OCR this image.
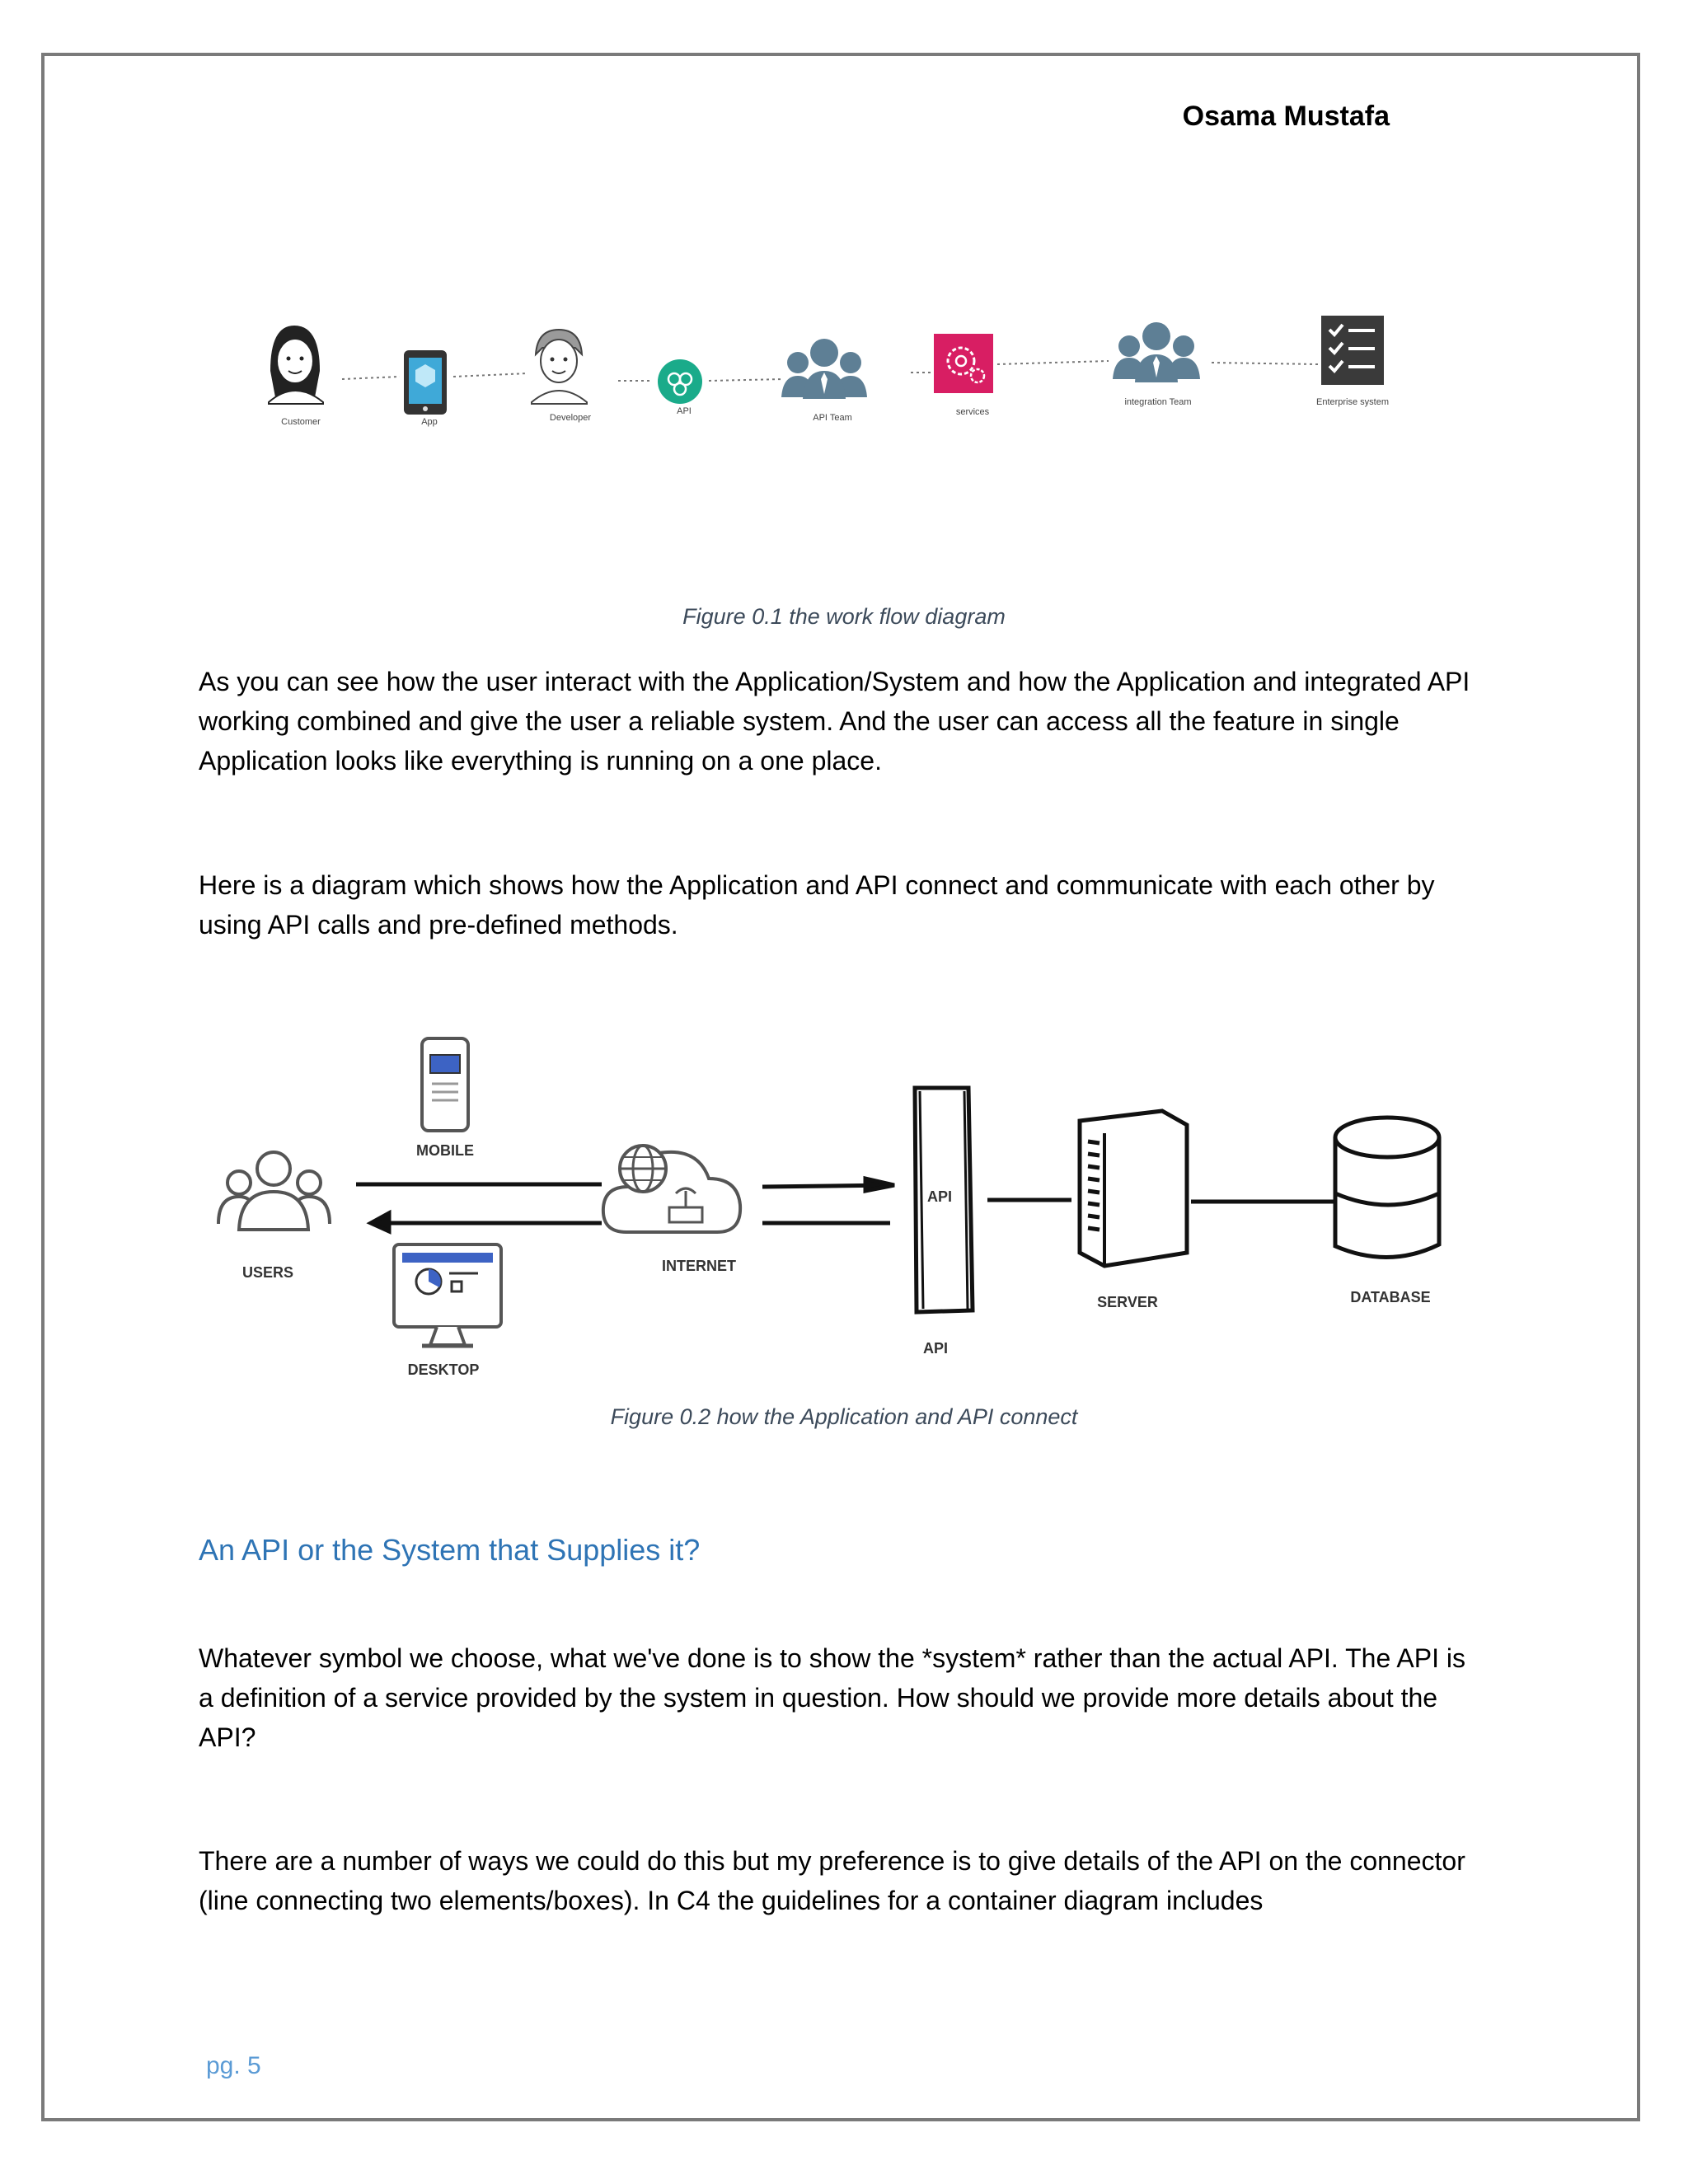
Osama Mustafa
Customer	App	Developer
API
API Team
services
integration Team	Enterprise system
Figure 0.1 the work flow diagram

As you can see how the user interact with the Application/System and how the Application and integrated API working combined and give the user a reliable system. And the user can access all the feature in single Application looks like everything is running on a one place.

Here is a diagram which shows how the Application and API connect and communicate with each other by using API calls and pre-defined methods.

USERS
MOBILE
DESKTOP
INTERNET
API
API
SERVER	DATABASE
Figure 0.2 how the Application and API connect
An API or the System that Supplies it?

Whatever symbol we choose, what we've done is to show the *system* rather than the actual API. The API is a definition of a service provided by the system in question. How should we provide more details about the API?

There are a number of ways we could do this but my preference is to give details of the API on the connector (line connecting two elements/boxes). In C4 the guidelines for a container diagram includes

pg. 5
